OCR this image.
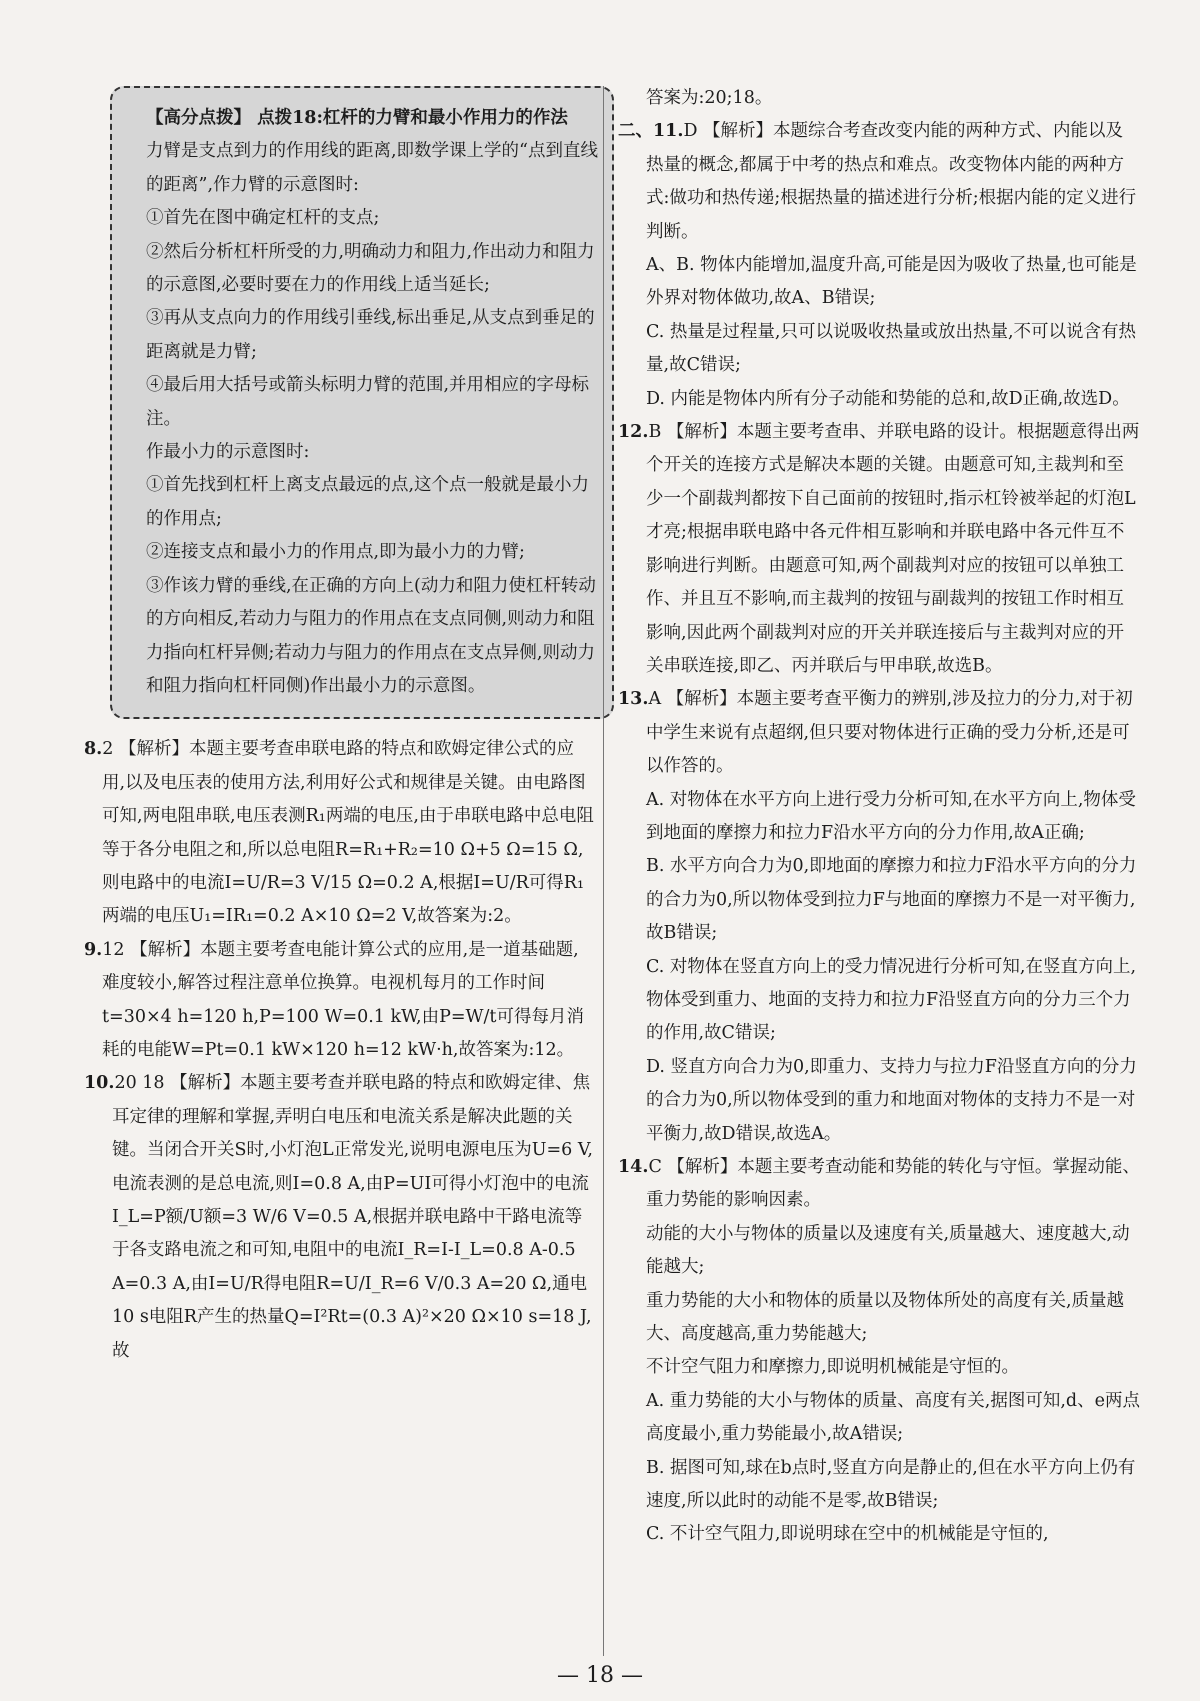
【高分点拨】 点拨18:杠杆的力臂和最小作用力的作法

力臂是支点到力的作用线的距离,即数学课上学的“点到直线的距离”,作力臂的示意图时:

①首先在图中确定杠杆的支点;

②然后分析杠杆所受的力,明确动力和阻力,作出动力和阻力的示意图,必要时要在力的作用线上适当延长;

③再从支点向力的作用线引垂线,标出垂足,从支点到垂足的距离就是力臂;

④最后用大括号或箭头标明力臂的范围,并用相应的字母标注。

作最小力的示意图时:

①首先找到杠杆上离支点最远的点,这个点一般就是最小力的作用点;

②连接支点和最小力的作用点,即为最小力的力臂;

③作该力臂的垂线,在正确的方向上(动力和阻力使杠杆转动的方向相反,若动力与阻力的作用点在支点同侧,则动力和阻力指向杠杆异侧;若动力与阻力的作用点在支点异侧,则动力和阻力指向杠杆同侧)作出最小力的示意图。

8.2 【解析】本题主要考查串联电路的特点和欧姆定律公式的应用,以及电压表的使用方法,利用好公式和规律是关键。由电路图可知,两电阻串联,电压表测R₁两端的电压,由于串联电路中总电阻等于各分电阻之和,所以总电阻R=R₁+R₂=10 Ω+5 Ω=15 Ω,则电路中的电流I=U/R=3 V/15 Ω=0.2 A,根据I=U/R可得R₁两端的电压U₁=IR₁=0.2 A×10 Ω=2 V,故答案为:2。

9.12 【解析】本题主要考查电能计算公式的应用,是一道基础题,难度较小,解答过程注意单位换算。电视机每月的工作时间t=30×4 h=120 h,P=100 W=0.1 kW,由P=W/t可得每月消耗的电能W=Pt=0.1 kW×120 h=12 kW·h,故答案为:12。

10.20 18 【解析】本题主要考查并联电路的特点和欧姆定律、焦耳定律的理解和掌握,弄明白电压和电流关系是解决此题的关键。当闭合开关S时,小灯泡L正常发光,说明电源电压为U=6 V,电流表测的是总电流,则I=0.8 A,由P=UI可得小灯泡中的电流I_L=P额/U额=3 W/6 V=0.5 A,根据并联电路中干路电流等于各支路电流之和可知,电阻中的电流I_R=I-I_L=0.8 A-0.5 A=0.3 A,由I=U/R得电阻R=U/I_R=6 V/0.3 A=20 Ω,通电10 s电阻R产生的热量Q=I²Rt=(0.3 A)²×20 Ω×10 s=18 J,故

答案为:20;18。

二、11.D 【解析】本题综合考查改变内能的两种方式、内能以及热量的概念,都属于中考的热点和难点。改变物体内能的两种方式:做功和热传递;根据热量的描述进行分析;根据内能的定义进行判断。

A、B. 物体内能增加,温度升高,可能是因为吸收了热量,也可能是外界对物体做功,故A、B错误;

C. 热量是过程量,只可以说吸收热量或放出热量,不可以说含有热量,故C错误;

D. 内能是物体内所有分子动能和势能的总和,故D正确,故选D。

12.B 【解析】本题主要考查串、并联电路的设计。根据题意得出两个开关的连接方式是解决本题的关键。由题意可知,主裁判和至少一个副裁判都按下自己面前的按钮时,指示杠铃被举起的灯泡L才亮;根据串联电路中各元件相互影响和并联电路中各元件互不影响进行判断。由题意可知,两个副裁判对应的按钮可以单独工作、并且互不影响,而主裁判的按钮与副裁判的按钮工作时相互影响,因此两个副裁判对应的开关并联连接后与主裁判对应的开关串联连接,即乙、丙并联后与甲串联,故选B。

13.A 【解析】本题主要考查平衡力的辨别,涉及拉力的分力,对于初中学生来说有点超纲,但只要对物体进行正确的受力分析,还是可以作答的。

A. 对物体在水平方向上进行受力分析可知,在水平方向上,物体受到地面的摩擦力和拉力F沿水平方向的分力作用,故A正确;

B. 水平方向合力为0,即地面的摩擦力和拉力F沿水平方向的分力的合力为0,所以物体受到拉力F与地面的摩擦力不是一对平衡力,故B错误;

C. 对物体在竖直方向上的受力情况进行分析可知,在竖直方向上,物体受到重力、地面的支持力和拉力F沿竖直方向的分力三个力的作用,故C错误;

D. 竖直方向合力为0,即重力、支持力与拉力F沿竖直方向的分力的合力为0,所以物体受到的重力和地面对物体的支持力不是一对平衡力,故D错误,故选A。

14.C 【解析】本题主要考查动能和势能的转化与守恒。掌握动能、重力势能的影响因素。

动能的大小与物体的质量以及速度有关,质量越大、速度越大,动能越大;

重力势能的大小和物体的质量以及物体所处的高度有关,质量越大、高度越高,重力势能越大;

不计空气阻力和摩擦力,即说明机械能是守恒的。

A. 重力势能的大小与物体的质量、高度有关,据图可知,d、e两点高度最小,重力势能最小,故A错误;

B. 据图可知,球在b点时,竖直方向是静止的,但在水平方向上仍有速度,所以此时的动能不是零,故B错误;

C. 不计空气阻力,即说明球在空中的机械能是守恒的,

— 18 —
